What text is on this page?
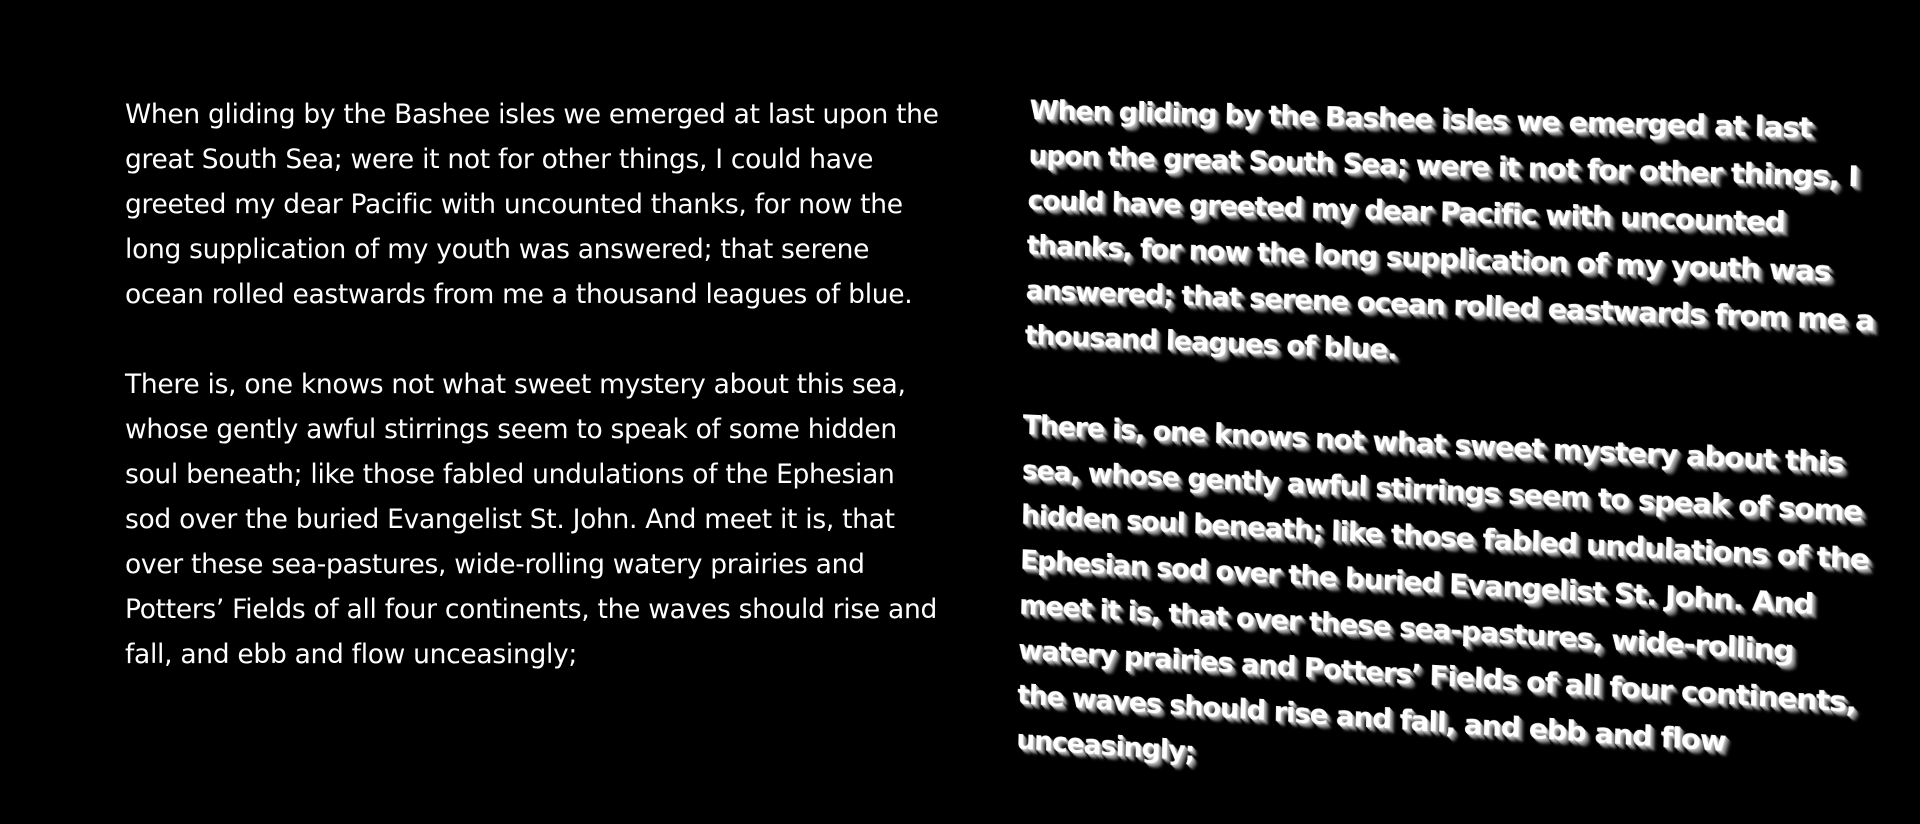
When gliding by the Bashee isles we emerged at last upon the great South Sea; were it not for other things, I could have greeted my dear Pacific with uncounted thanks, for now the long supplication of my youth was answered; that serene ocean rolled eastwards from me a thousand leagues of blue.

There is, one knows not what sweet mystery about this sea, whose gently awful stirrings seem to speak of some hidden soul beneath; like those fabled undulations of the Ephesian sod over the buried Evangelist St. John. And meet it is, that over these sea-pastures, wide-rolling watery prairies and Potters’ Fields of all four continents, the waves should rise and fall, and ebb and flow unceasingly;

When gliding by the Bashee isles we emerged at last upon the great South Sea; were it not for other things, I could have greeted my dear Pacific with uncounted thanks, for now the long supplication of my youth was answered; that serene ocean rolled eastwards from me a thousand leagues of blue.

There is, one knows not what sweet mystery about this sea, whose gently awful stirrings seem to speak of some hidden soul beneath; like those fabled undulations of the Ephesian sod over the buried Evangelist St. John. And meet it is, that over these sea-pastures, wide-rolling watery prairies and Potters’ Fields of all four continents, the waves should rise and fall, and ebb and flow unceasingly;
